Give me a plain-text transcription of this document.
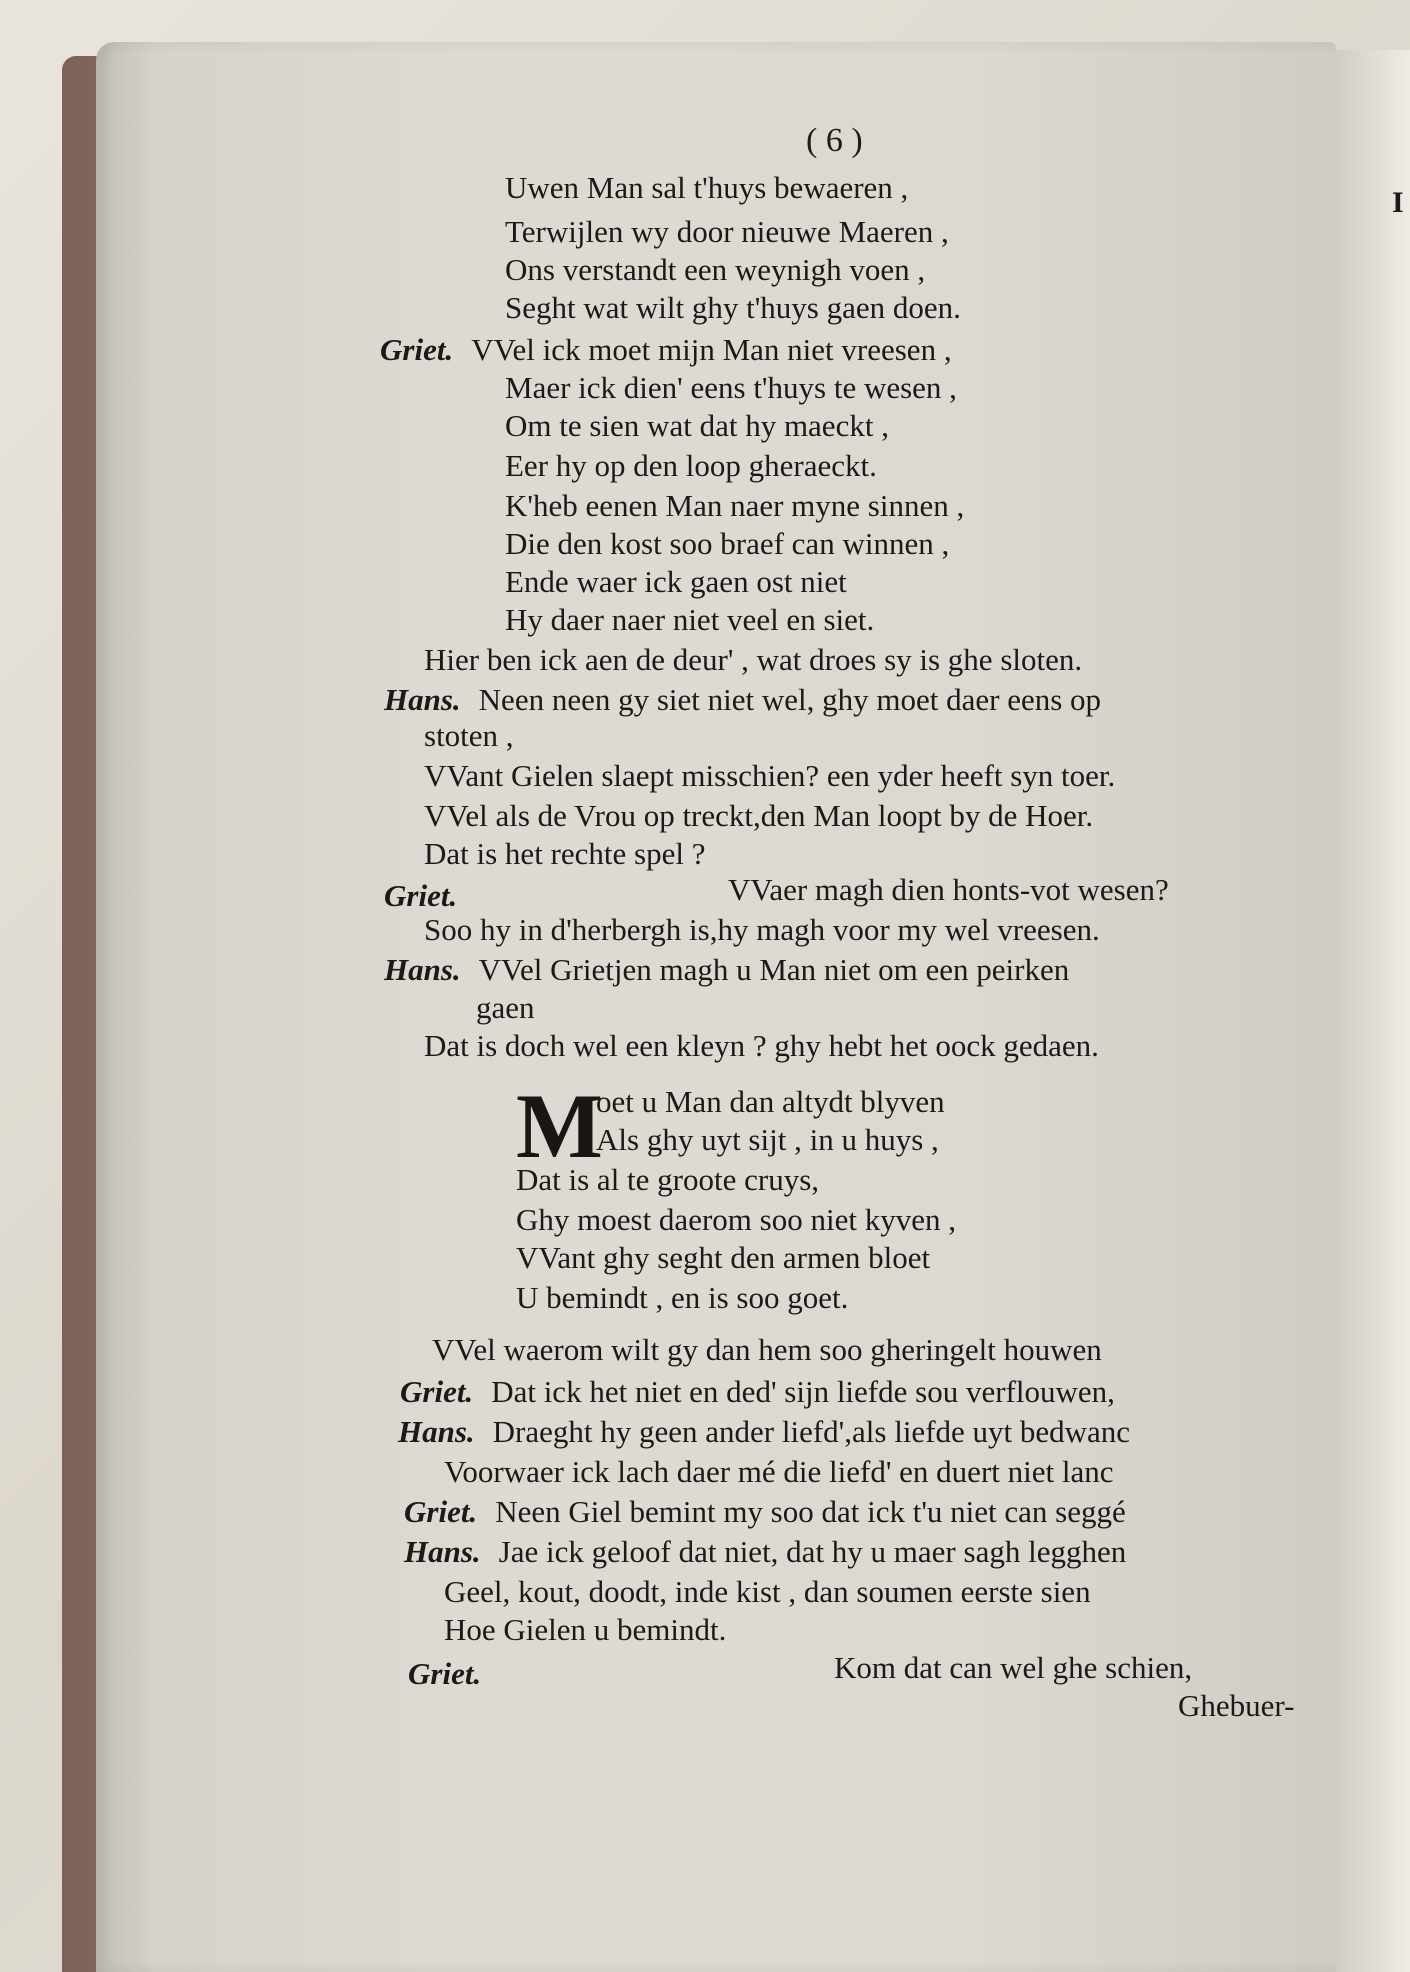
I
( 6 )
Uwen Man sal t'huys bewaeren ,
Terwijlen wy door nieuwe Maeren ,
Ons verstandt een weynigh voen ,
Seght wat wilt ghy t'huys gaen doen.
Griet. VVel ick moet mijn Man niet vreesen ,
Maer ick dien' eens t'huys te wesen ,
Om te sien wat dat hy maeckt ,
Eer hy op den loop gheraeckt.
K'heb eenen Man naer myne sinnen ,
Die den kost soo braef can winnen ,
Ende waer ick gaen ost niet
Hy daer naer niet veel en siet.
Hier ben ick aen de deur' , wat droes sy is ghe sloten.
Hans. Neen neen gy siet niet wel, ghy moet daer eens op
stoten ,
VVant Gielen slaept misschien? een yder heeft syn toer.
VVel als de Vrou op treckt,den Man loopt by de Hoer.
Dat is het rechte spel ?
Griet.	VVaer magh dien honts-vot wesen?
Soo hy in d'herbergh is,hy magh voor my wel vreesen.
Hans. VVel Grietjen magh u Man niet om een peirken
gaen
Dat is doch wel een kleyn ? ghy hebt het oock gedaen.
oet u Man dan altydt blyven
Als ghy uyt sijt , in u huys ,
Dat is al te groote cruys,
Ghy moest daerom soo niet kyven ,
VVant ghy seght den armen bloet
U bemindt , en is soo goet.
VVel waerom wilt gy dan hem soo gheringelt houwen
Griet. Dat ick het niet en ded' sijn liefde sou verflouwen,
Hans. Draeght hy geen ander liefd',als liefde uyt bedwanc
Voorwaer ick lach daer mé die liefd' en duert niet lanc
Griet. Neen Giel bemint my soo dat ick t'u niet can seggé
Hans. Jae ick geloof dat niet, dat hy u maer sagh legghen
Geel, kout, doodt, inde kist , dan soumen eerste sien
Hoe Gielen u bemindt.
Griet.	Kom dat can wel ghe schien,
M
Ghebuer-
